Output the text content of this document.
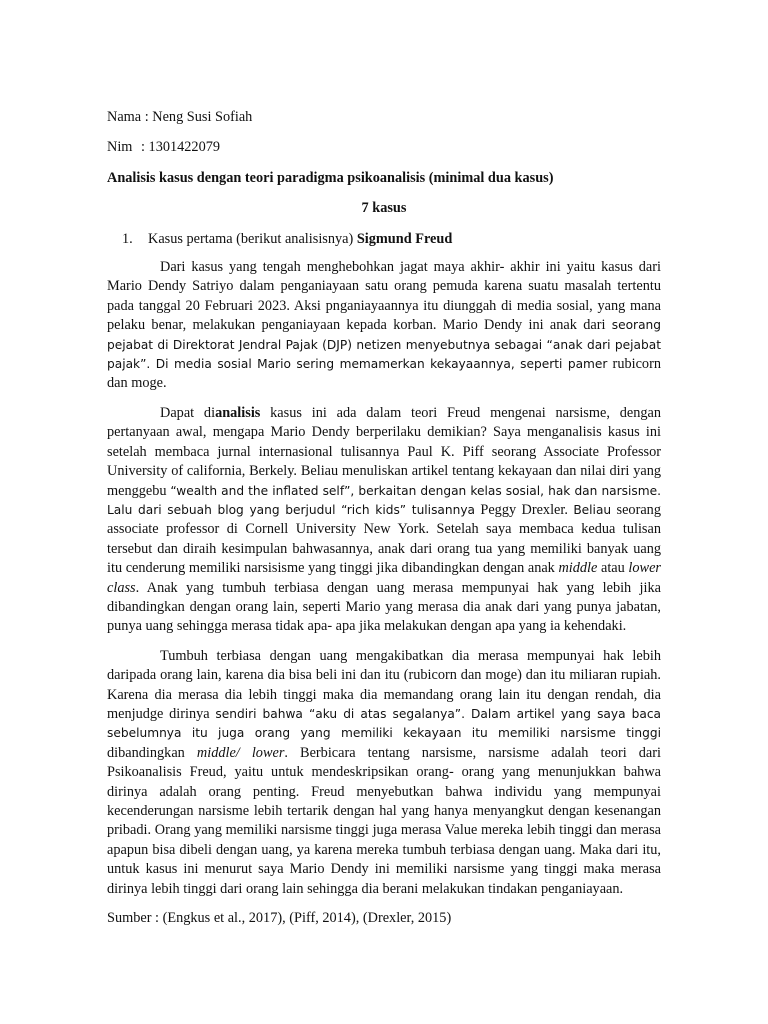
Nama : Neng Susi Sofiah
Nim : 1301422079
Analisis kasus dengan teori paradigma psikoanalisis (minimal dua kasus)
7 kasus
1. Kasus pertama (berikut analisisnya) Sigmund Freud

Dari kasus yang tengah menghebohkan jagat maya akhir- akhir ini yaitu kasus dari Mario Dendy Satriyo dalam penganiayaan satu orang pemuda karena suatu masalah tertentu pada tanggal 20 Februari 2023. Aksi pnganiayaannya itu diunggah di media sosial, yang mana pelaku benar, melakukan penganiayaan kepada korban. Mario Dendy ini anak dari seorang pejabat di Direktorat Jendral Pajak (DJP) netizen menyebutnya sebagai “anak dari pejabat pajak”. Di media sosial Mario sering memamerkan kekayaannya, seperti pamer rubicorn dan moge.

Dapat dianalisis kasus ini ada dalam teori Freud mengenai narsisme, dengan pertanyaan awal, mengapa Mario Dendy berperilaku demikian? Saya menganalisis kasus ini setelah membaca jurnal internasional tulisannya Paul K. Piff seorang Associate Professor University of california, Berkely. Beliau menuliskan artikel tentang kekayaan dan nilai diri yang menggebu “wealth and the inflated self”, berkaitan dengan kelas sosial, hak dan narsisme. Lalu dari sebuah blog yang berjudul “rich kids” tulisannya Peggy Drexler. Beliau seorang associate professor di Cornell University New York. Setelah saya membaca kedua tulisan tersebut dan diraih kesimpulan bahwasannya, anak dari orang tua yang memiliki banyak uang itu cenderung memiliki narsisisme yang tinggi jika dibandingkan dengan anak middle atau lower class. Anak yang tumbuh terbiasa dengan uang merasa mempunyai hak yang lebih jika dibandingkan dengan orang lain, seperti Mario yang merasa dia anak dari yang punya jabatan, punya uang sehingga merasa tidak apa- apa jika melakukan dengan apa yang ia kehendaki.

Tumbuh terbiasa dengan uang mengakibatkan dia merasa mempunyai hak lebih daripada orang lain, karena dia bisa beli ini dan itu (rubicorn dan moge) dan itu miliaran rupiah. Karena dia merasa dia lebih tinggi maka dia memandang orang lain itu dengan rendah, dia menjudge dirinya sendiri bahwa “aku di atas segalanya”. Dalam artikel yang saya baca sebelumnya itu juga orang yang memiliki kekayaan itu memiliki narsisme tinggi dibandingkan middle/ lower. Berbicara tentang narsisme, narsisme adalah teori dari Psikoanalisis Freud, yaitu untuk mendeskripsikan orang- orang yang menunjukkan bahwa dirinya adalah orang penting. Freud menyebutkan bahwa individu yang mempunyai kecenderungan narsisme lebih tertarik dengan hal yang hanya menyangkut dengan kesenangan pribadi. Orang yang memiliki narsisme tinggi juga merasa Value mereka lebih tinggi dan merasa apapun bisa dibeli dengan uang, ya karena mereka tumbuh terbiasa dengan uang. Maka dari itu, untuk kasus ini menurut saya Mario Dendy ini memiliki narsisme yang tinggi maka merasa dirinya lebih tinggi dari orang lain sehingga dia berani melakukan tindakan penganiayaan.

Sumber : (Engkus et al., 2017), (Piff, 2014), (Drexler, 2015)
